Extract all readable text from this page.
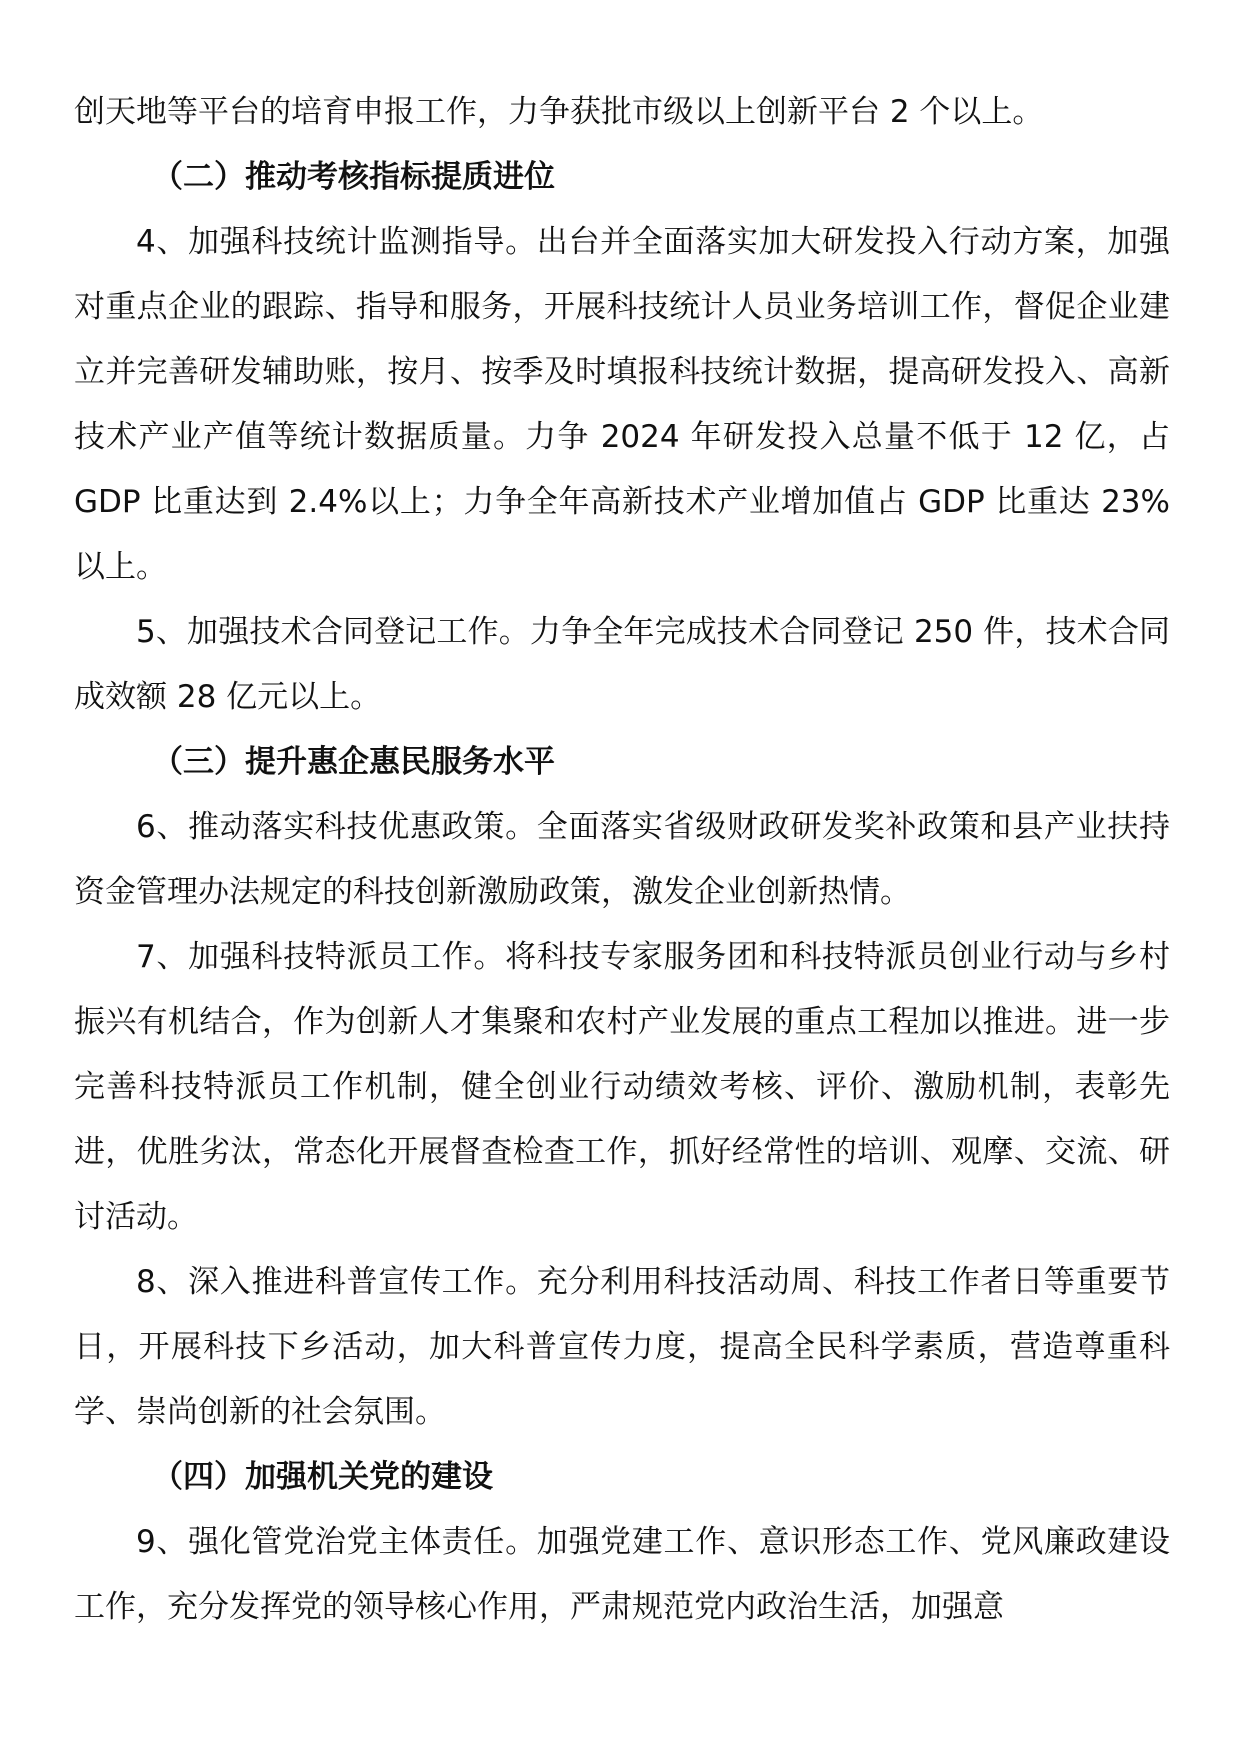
创天地等平台的培育申报工作，力争获批市级以上创新平台 2 个以上。

（二）推动考核指标提质进位

4、加强科技统计监测指导。出台并全面落实加大研发投入行动方案，加强对重点企业的跟踪、指导和服务，开展科技统计人员业务培训工作，督促企业建立并完善研发辅助账，按月、按季及时填报科技统计数据，提高研发投入、高新技术产业产值等统计数据质量。力争 2024 年研发投入总量不低于 12 亿，占 GDP 比重达到 2.4%以上；力争全年高新技术产业增加值占 GDP 比重达 23%以上。

5、加强技术合同登记工作。力争全年完成技术合同登记 250 件，技术合同成效额 28 亿元以上。

（三）提升惠企惠民服务水平

6、推动落实科技优惠政策。全面落实省级财政研发奖补政策和县产业扶持资金管理办法规定的科技创新激励政策，激发企业创新热情。

7、加强科技特派员工作。将科技专家服务团和科技特派员创业行动与乡村振兴有机结合，作为创新人才集聚和农村产业发展的重点工程加以推进。进一步完善科技特派员工作机制，健全创业行动绩效考核、评价、激励机制，表彰先进，优胜劣汰，常态化开展督查检查工作，抓好经常性的培训、观摩、交流、研讨活动。

8、深入推进科普宣传工作。充分利用科技活动周、科技工作者日等重要节日，开展科技下乡活动，加大科普宣传力度，提高全民科学素质，营造尊重科学、崇尚创新的社会氛围。

（四）加强机关党的建设

9、强化管党治党主体责任。加强党建工作、意识形态工作、党风廉政建设工作，充分发挥党的领导核心作用，严肃规范党内政治生活，加强意
